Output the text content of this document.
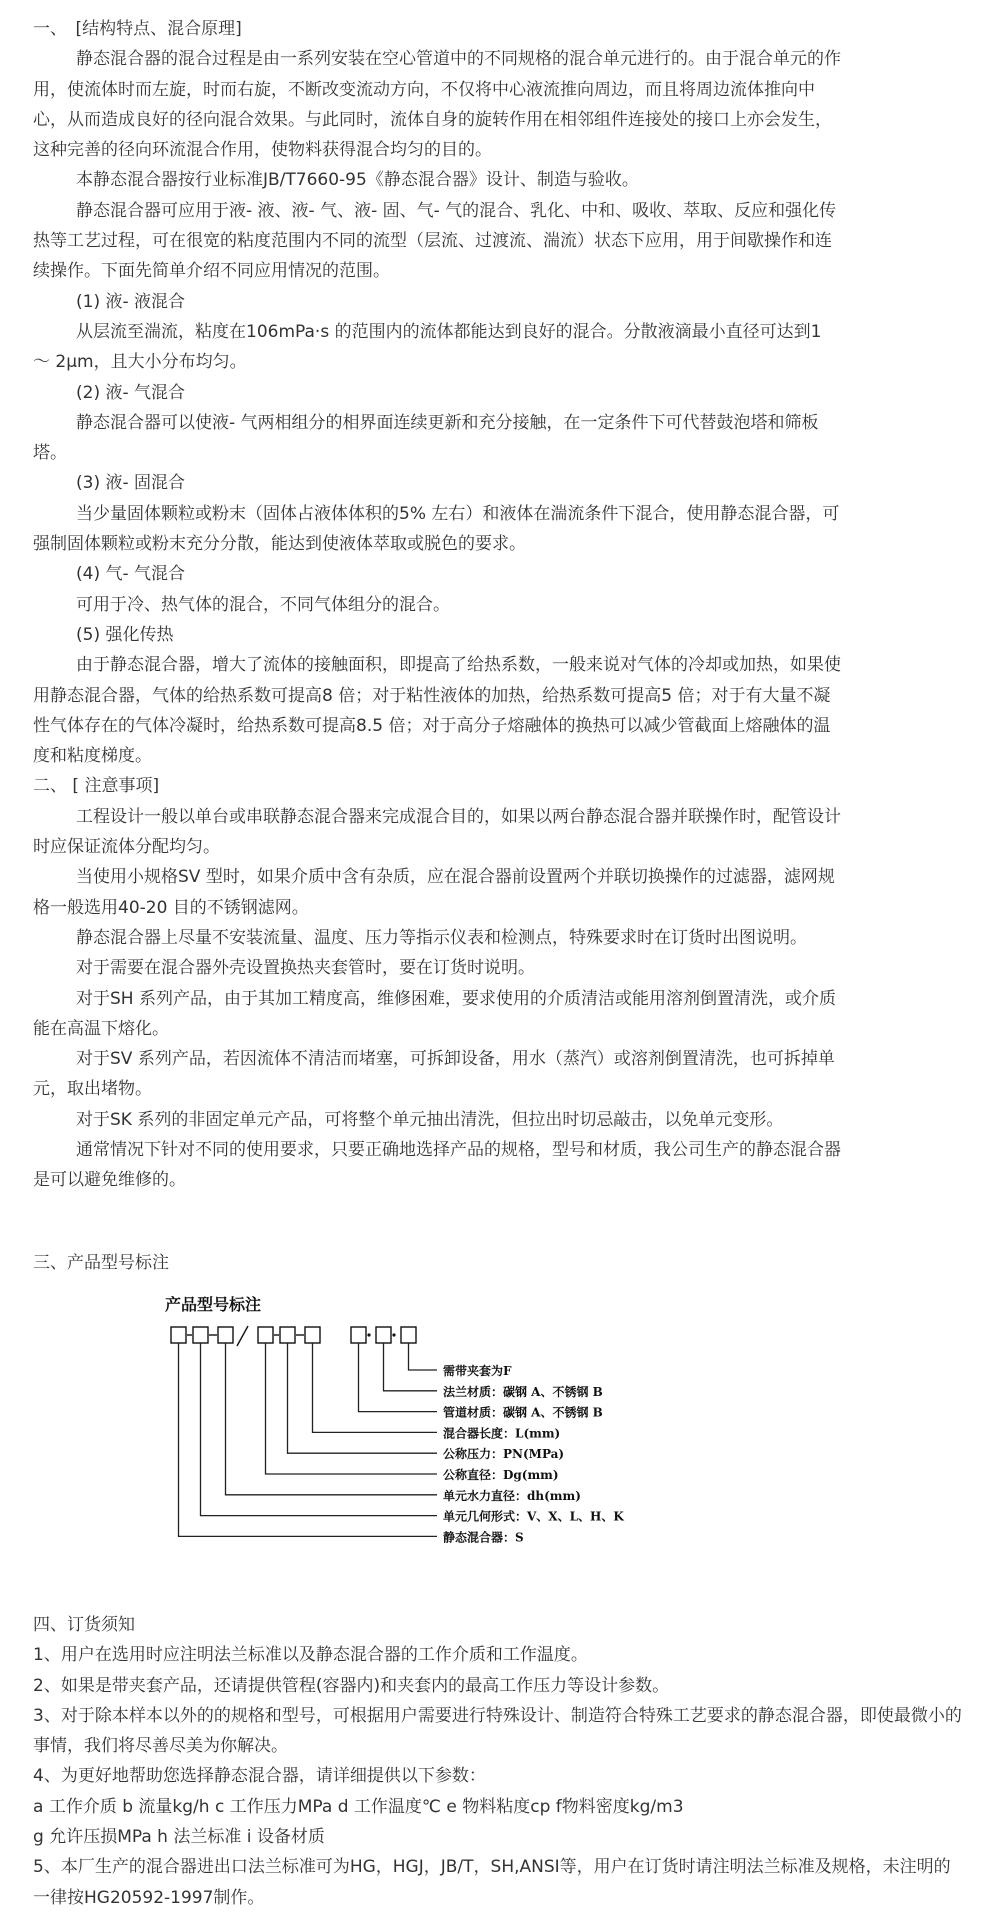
一、　[结构特点、混合原理]

静态混合器的混合过程是由一系列安装在空心管道中的不同规格的混合单元进行的。由于混合单元的作用，使流体时而左旋，时而右旋，不断改变流动方向，不仅将中心液流推向周边，而且将周边流体推向中心，从而造成良好的径向混合效果。与此同时，流体自身的旋转作用在相邻组件连接处的接口上亦会发生，这种完善的径向环流混合作用，使物料获得混合均匀的目的。

本静态混合器按行业标准JB/T7660-95《静态混合器》设计、制造与验收。

静态混合器可应用于液- 液、液- 气、液- 固、气- 气的混合、乳化、中和、吸收、萃取、反应和强化传热等工艺过程，可在很宽的粘度范围内不同的流型（层流、过渡流、湍流）状态下应用，用于间歇操作和连续操作。下面先简单介绍不同应用情况的范围。

(1) 液- 液混合

从层流至湍流，粘度在106mPa·s 的范围内的流体都能达到良好的混合。分散液滴最小直径可达到1 ～ 2μm，且大小分布均匀。

(2) 液- 气混合

静态混合器可以使液- 气两相组分的相界面连续更新和充分接触，在一定条件下可代替鼓泡塔和筛板塔。

(3) 液- 固混合

当少量固体颗粒或粉末（固体占液体体积的5% 左右）和液体在湍流条件下混合，使用静态混合器，可强制固体颗粒或粉末充分分散，能达到使液体萃取或脱色的要求。

(4) 气- 气混合

可用于冷、热气体的混合，不同气体组分的混合。

(5) 强化传热

由于静态混合器，增大了流体的接触面积，即提高了给热系数，一般来说对气体的冷却或加热，如果使用静态混合器，气体的给热系数可提高8 倍；对于粘性液体的加热，给热系数可提高5 倍；对于有大量不凝性气体存在的气体冷凝时，给热系数可提高8.5 倍；对于高分子熔融体的换热可以减少管截面上熔融体的温度和粘度梯度。

二、 [ 注意事项]

工程设计一般以单台或串联静态混合器来完成混合目的，如果以两台静态混合器并联操作时，配管设计时应保证流体分配均匀。

当使用小规格SV 型时，如果介质中含有杂质，应在混合器前设置两个并联切换操作的过滤器，滤网规格一般选用40-20 目的不锈钢滤网。

静态混合器上尽量不安装流量、温度、压力等指示仪表和检测点，特殊要求时在订货时出图说明。

对于需要在混合器外壳设置换热夹套管时，要在订货时说明。

对于SH 系列产品，由于其加工精度高，维修困难，要求使用的介质清洁或能用溶剂倒置清洗，或介质能在高温下熔化。

对于SV 系列产品，若因流体不清洁而堵塞，可拆卸设备，用水（蒸汽）或溶剂倒置清洗，也可拆掉单元，取出堵物。

对于SK 系列的非固定单元产品，可将整个单元抽出清洗，但拉出时切忌敲击，以免单元变形。

通常情况下针对不同的使用要求，只要正确地选择产品的规格，型号和材质，我公司生产的静态混合器是可以避免维修的。

三、产品型号标注

产品型号标注
需带夹套为F
法兰材质：碳钢 A、不锈钢 B
管道材质：碳钢 A、不锈钢 B
混合器长度：L(mm)
公称压力：PN(MPa)
公称直径：Dg(mm)
单元水力直径：dh(mm)
单元几何形式：V、X、L、H、K
静态混合器：S

四、订货须知

1、用户在选用时应注明法兰标准以及静态混合器的工作介质和工作温度。

2、如果是带夹套产品，还请提供管程(容器内)和夹套内的最高工作压力等设计参数。

3、对于除本样本以外的的规格和型号，可根据用户需要进行特殊设计、制造符合特殊工艺要求的静态混合器，即使最微小的事情，我们将尽善尽美为你解决。

4、为更好地帮助您选择静态混合器，请详细提供以下参数：

a 工作介质 b 流量kg/h c 工作压力MPa d 工作温度℃ e 物料粘度cp f物料密度kg/m3

g 允许压损MPa h 法兰标准 i 设备材质

5、本厂生产的混合器进出口法兰标准可为HG，HGJ，JB/T，SH,ANSI等，用户在订货时请注明法兰标准及规格，未注明的一律按HG20592-1997制作。
